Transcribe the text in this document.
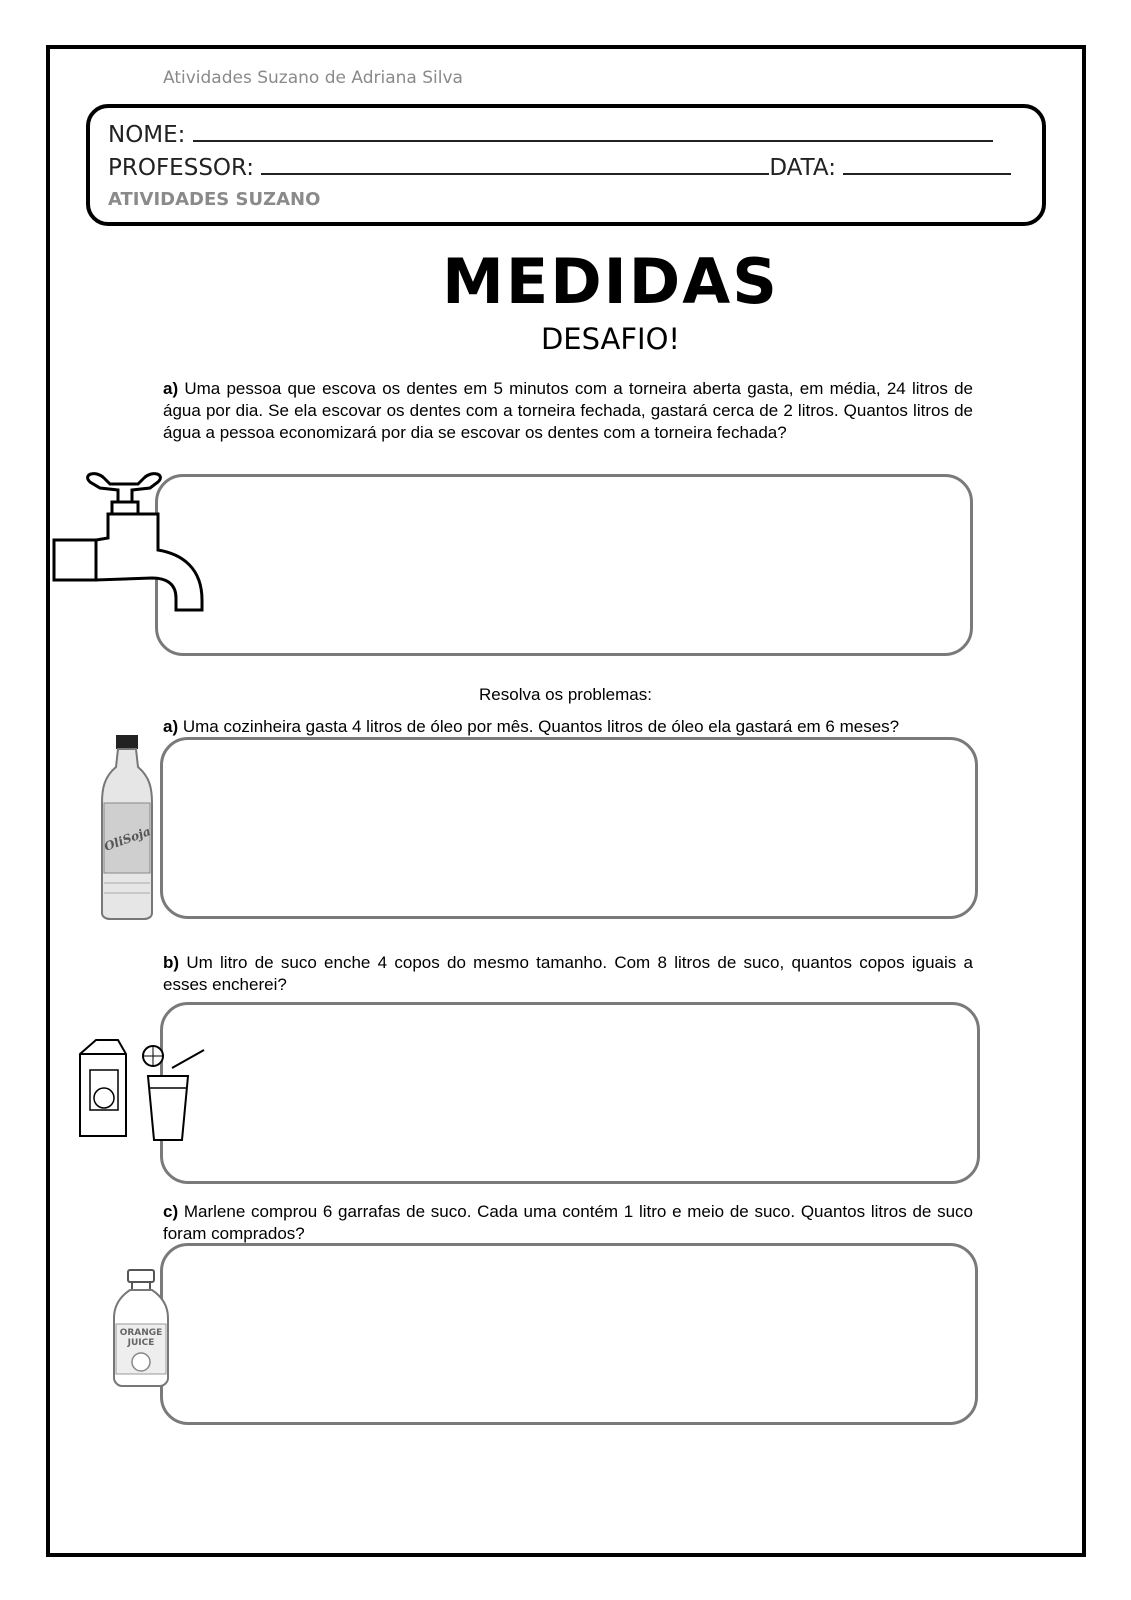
Atividades Suzano de Adriana Silva
NOME:
PROFESSOR:	DATA:
ATIVIDADES SUZANO
MEDIDAS
DESAFIO!
a) Uma pessoa que escova os dentes em 5 minutos com a torneira aberta gasta, em média, 24 litros de água por dia. Se ela escovar os dentes com a torneira fechada, gastará cerca de 2 litros. Quantos litros de água a pessoa economizará por dia se escovar os dentes com a torneira fechada?
Resolva os problemas:
a) Uma cozinheira gasta 4 litros de óleo por mês. Quantos litros de óleo ela gastará em 6 meses?
OliSoja
b) Um litro de suco enche 4 copos do mesmo tamanho. Com 8 litros de suco, quantos copos iguais a esses encherei?
c) Marlene comprou 6 garrafas de suco. Cada uma contém 1 litro e meio de suco. Quantos litros de suco foram comprados?
ORANGE
JUICE
